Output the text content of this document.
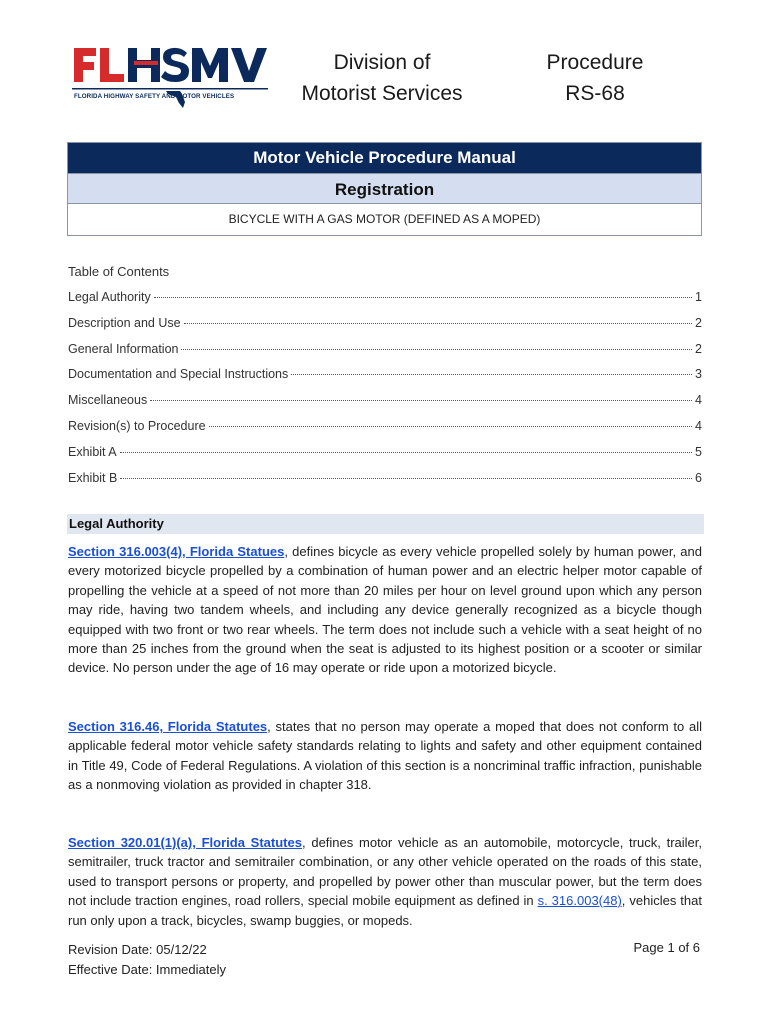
FLORIDA HIGHWAY SAFETY AND MOTOR VEHICLES
Division of
Motorist Services
Procedure
RS-68
Motor Vehicle Procedure Manual
Registration
BICYCLE WITH A GAS MOTOR (DEFINED AS A MOPED)
Table of Contents
Legal Authority	1
Description and Use	2
General Information	2
Documentation and Special Instructions	3
Miscellaneous	4
Revision(s) to Procedure	4
Exhibit A	5
Exhibit B	6
Legal Authority
Section 316.003(4), Florida Statues, defines bicycle as every vehicle propelled solely by human power, and every motorized bicycle propelled by a combination of human power and an electric helper motor capable of propelling the vehicle at a speed of not more than 20 miles per hour on level ground upon which any person may ride, having two tandem wheels, and including any device generally recognized as a bicycle though equipped with two front or two rear wheels. The term does not include such a vehicle with a seat height of no more than 25 inches from the ground when the seat is adjusted to its highest position or a scooter or similar device. No person under the age of 16 may operate or ride upon a motorized bicycle.
Section 316.46, Florida Statutes, states that no person may operate a moped that does not conform to all applicable federal motor vehicle safety standards relating to lights and safety and other equipment contained in Title 49, Code of Federal Regulations. A violation of this section is a noncriminal traffic infraction, punishable as a nonmoving violation as provided in chapter 318.
Section 320.01(1)(a), Florida Statutes, defines motor vehicle as an automobile, motorcycle, truck, trailer, semitrailer, truck tractor and semitrailer combination, or any other vehicle operated on the roads of this state, used to transport persons or property, and propelled by power other than muscular power, but the term does not include traction engines, road rollers, special mobile equipment as defined in s. 316.003(48), vehicles that run only upon a track, bicycles, swamp buggies, or mopeds.
Revision Date: 05/12/22
Effective Date: Immediately
Page 1 of 6
